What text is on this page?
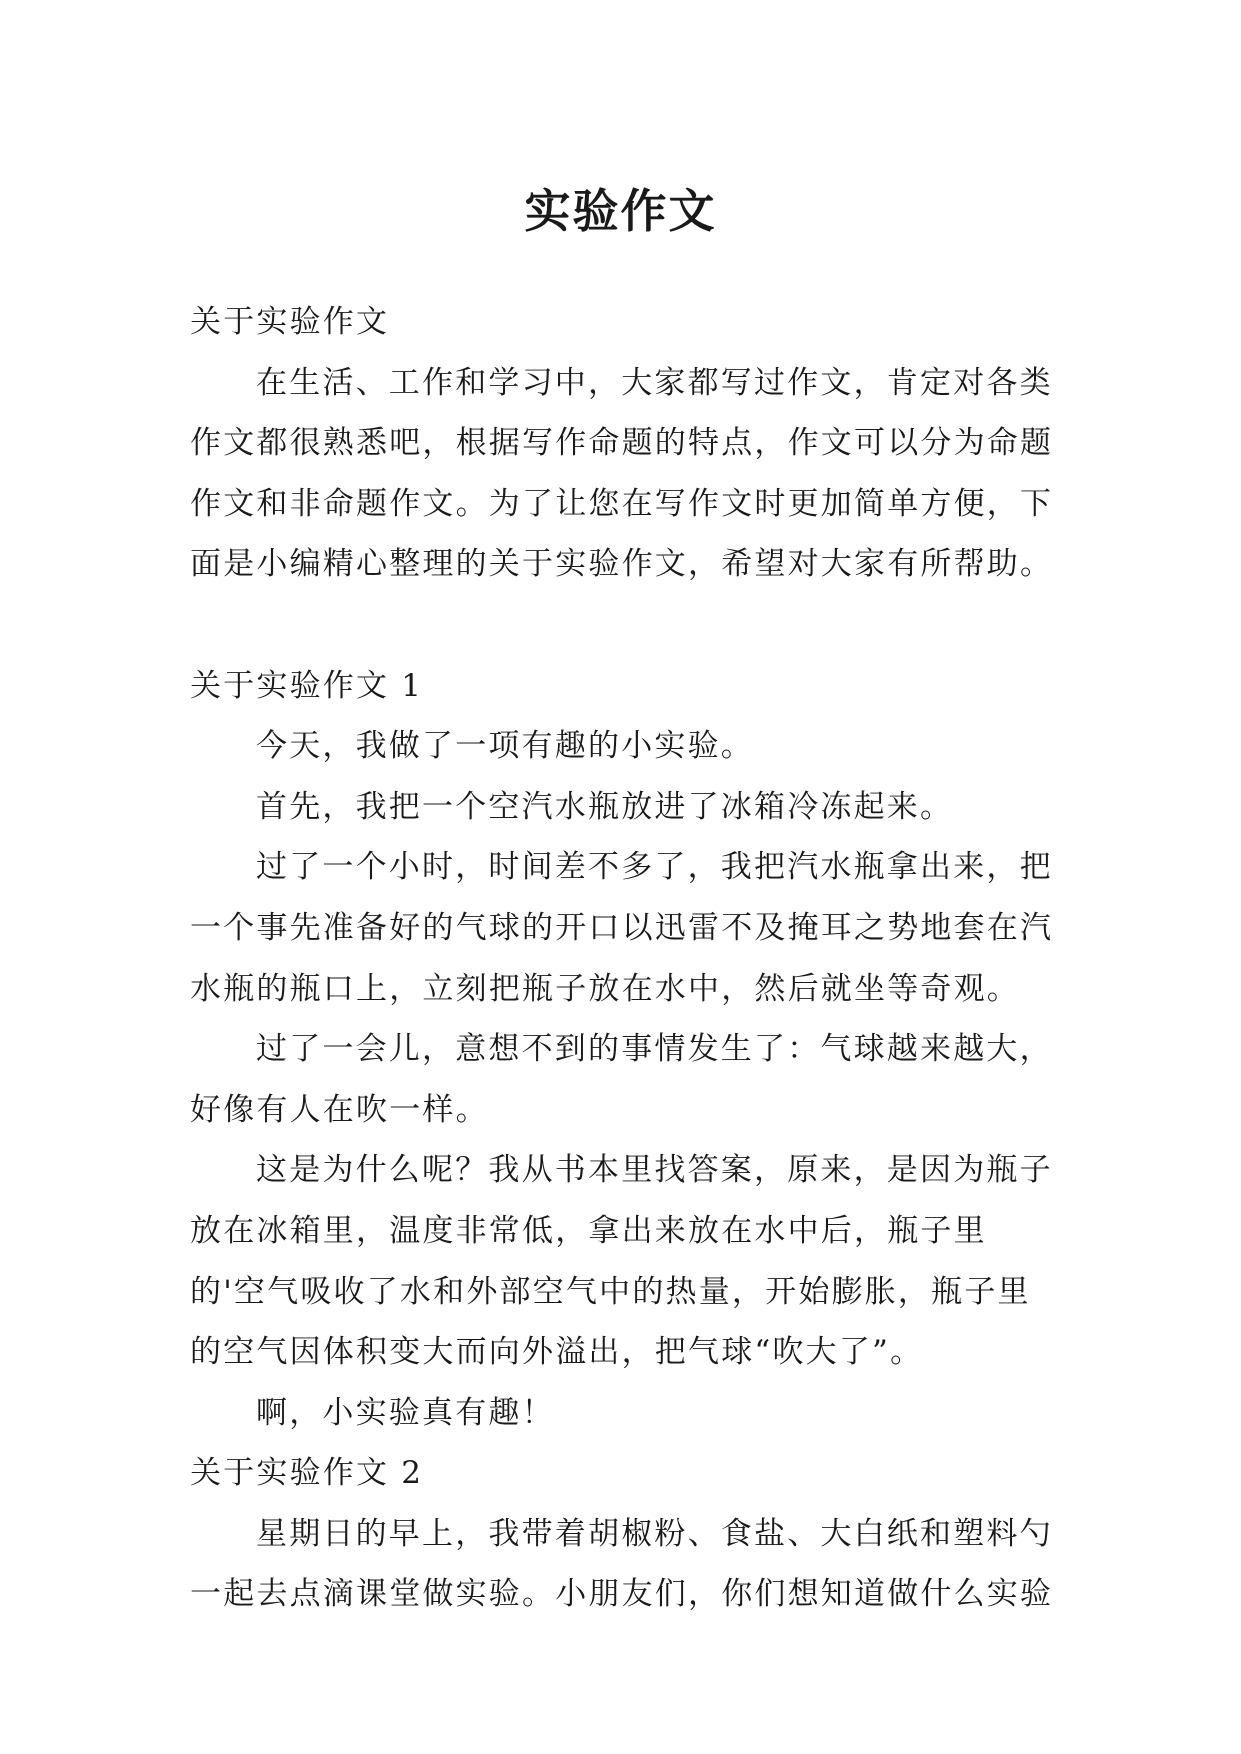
实验作文

关于实验作文

在生活、工作和学习中，大家都写过作文，肯定对各类作文都很熟悉吧，根据写作命题的特点，作文可以分为命题作文和非命题作文。为了让您在写作文时更加简单方便，下面是小编精心整理的关于实验作文，希望对大家有所帮助。

关于实验作文 1

今天，我做了一项有趣的小实验。

首先，我把一个空汽水瓶放进了冰箱冷冻起来。

过了一个小时，时间差不多了，我把汽水瓶拿出来，把一个事先准备好的气球的开口以迅雷不及掩耳之势地套在汽水瓶的瓶口上，立刻把瓶子放在水中，然后就坐等奇观。

过了一会儿，意想不到的事情发生了：气球越来越大，好像有人在吹一样。

这是为什么呢？我从书本里找答案，原来，是因为瓶子放在冰箱里，温度非常低，拿出来放在水中后，瓶子里的'空气吸收了水和外部空气中的热量，开始膨胀，瓶子里的空气因体积变大而向外溢出，把气球“吹大了”。

啊，小实验真有趣！

关于实验作文 2

星期日的早上，我带着胡椒粉、食盐、大白纸和塑料勺一起去点滴课堂做实验。小朋友们，你们想知道做什么实验
